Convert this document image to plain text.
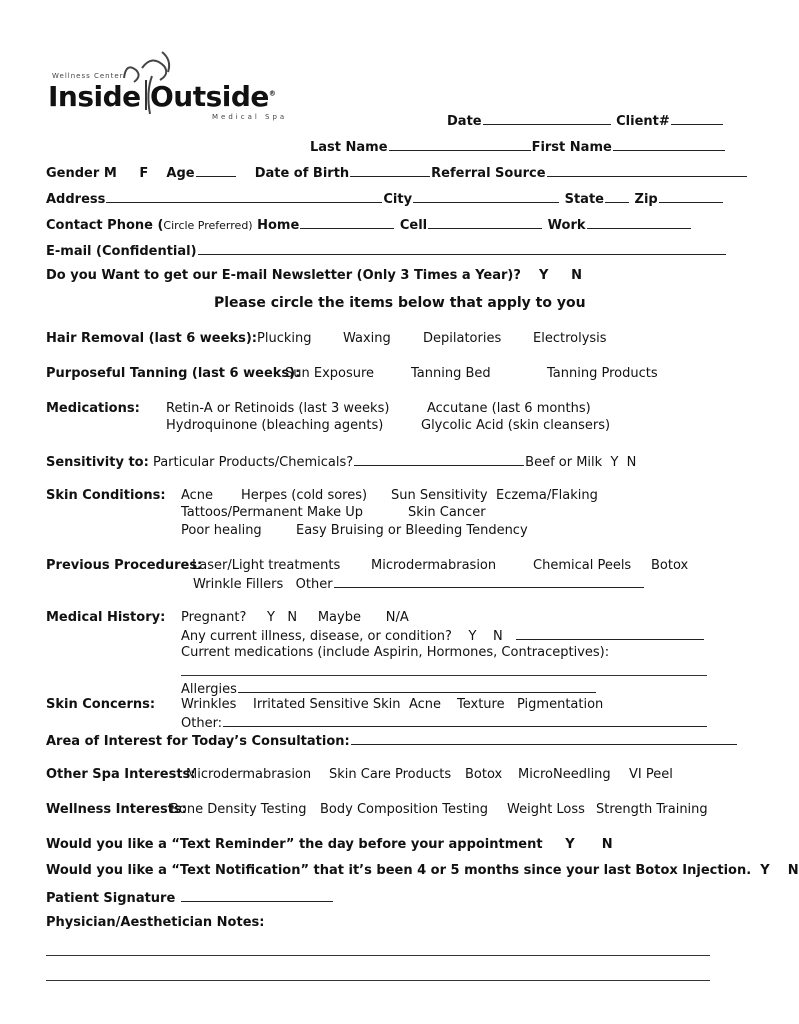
Wellness Center
Inside Outside®
Medical Spa	Date	Client#
Last Name	First Name
Gender M F Age	Date of Birth	Referral Source
Address	City	State Zip
Contact Phone (Circle Preferred) Home	Cell	Work
E-mail (Confidential)
Do you Want to get our E-mail Newsletter (Only 3 Times a Year)? Y N
Please circle the items below that apply to you
Hair Removal (last 6 weeks): Plucking Waxing Depilatories Electrolysis
Purposeful Tanning (last 6 weeks):
Sun Exposure	Tanning Bed	Tanning Products
Medications: Retin-A or Retinoids (last 3 weeks)	Accutane (last 6 months)
Hydroquinone (bleaching agents)	Glycolic Acid (skin cleansers)
Sensitivity to: Particular Products/Chemicals?	Beef or Milk Y N
Skin Conditions: Acne Herpes (cold sores) Sun Sensitivity Eczema/Flaking
Tattoos/Permanent Make Up	Skin Cancer
Poor healing	Easy Bruising or Bleeding Tendency
Previous Procedures:
Laser/Light treatments Microdermabrasion	Chemical Peels Botox
Wrinkle Fillers Other
Medical History: Pregnant? Y N Maybe N/A
Any current illness, disease, or condition? Y N
Current medications (include Aspirin, Hormones, Contraceptives):
Allergies
Skin Concerns: Wrinkles Irritated Sensitive Skin Acne Texture Pigmentation
Other:
Area of Interest for Today’s Consultation:
Other Spa Interests:
Microdermabrasion Skin Care Products Botox MicroNeedling VI Peel
Wellness Interests:
Bone Density Testing Body Composition Testing Weight Loss Strength Training
Would you like a “Text Reminder” the day before your appointment Y N
Would you like a “Text Notification” that it’s been 4 or 5 months since your last Botox Injection. Y N
Patient Signature
Physician/Aesthetician Notes:
